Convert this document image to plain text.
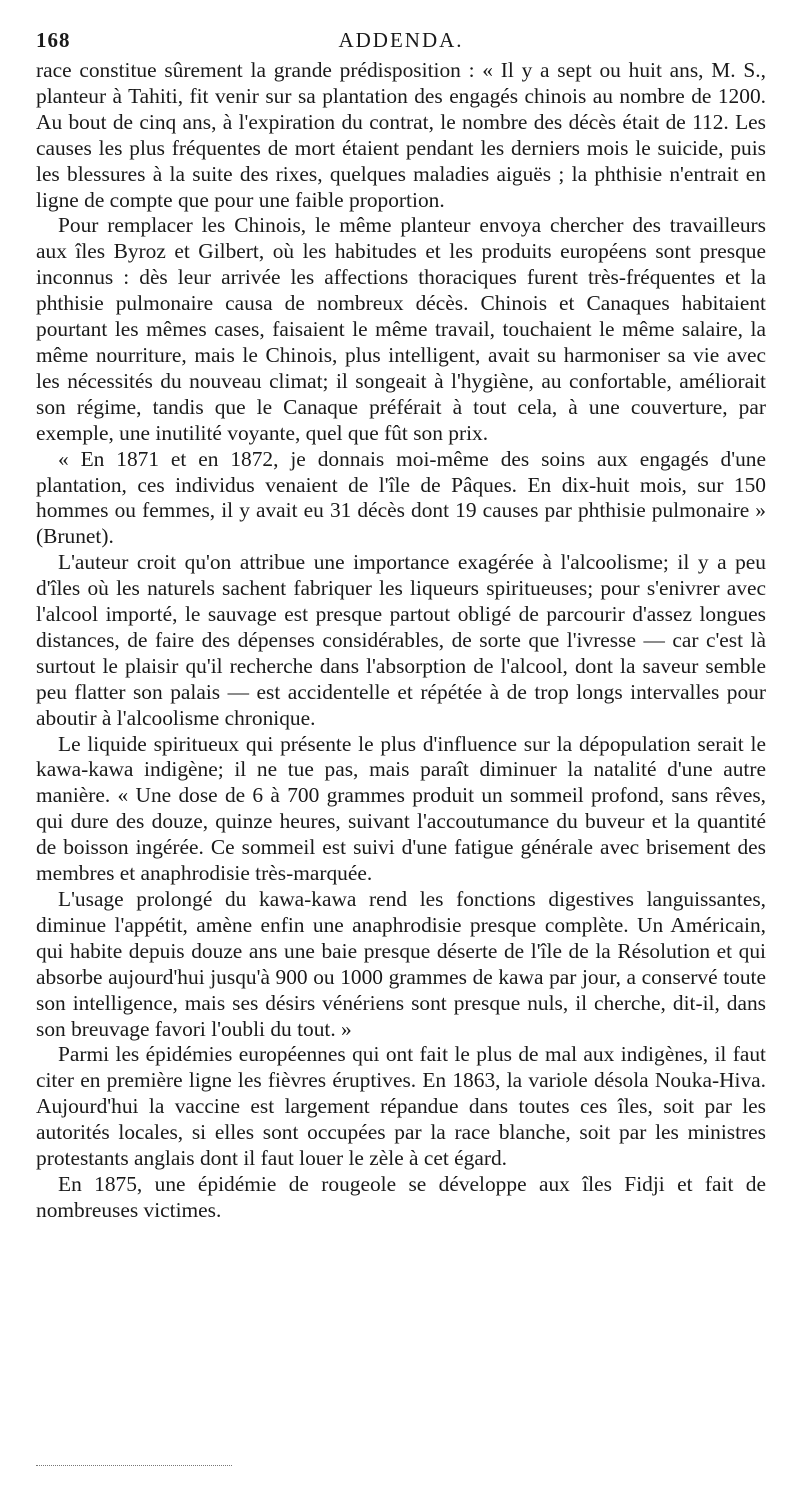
168	ADDENDA.

race constitue sûrement la grande prédisposition : « Il y a sept ou huit ans, M. S., planteur à Tahiti, fit venir sur sa plantation des engagés chinois au nombre de 1200. Au bout de cinq ans, à l'expiration du contrat, le nombre des décès était de 112. Les causes les plus fréquentes de mort étaient pendant les derniers mois le suicide, puis les blessures à la suite des rixes, quelques maladies aiguës ; la phthisie n'entrait en ligne de compte que pour une faible proportion.

Pour remplacer les Chinois, le même planteur envoya chercher des travailleurs aux îles Byroz et Gilbert, où les habitudes et les produits européens sont presque inconnus : dès leur arrivée les affections thoraciques furent très-fréquentes et la phthisie pulmonaire causa de nombreux décès. Chinois et Canaques habitaient pourtant les mêmes cases, faisaient le même travail, touchaient le même salaire, la même nourriture, mais le Chinois, plus intelligent, avait su harmoniser sa vie avec les nécessités du nouveau climat; il songeait à l'hygiène, au confortable, améliorait son régime, tandis que le Canaque préférait à tout cela, à une couverture, par exemple, une inutilité voyante, quel que fût son prix.

« En 1871 et en 1872, je donnais moi-même des soins aux engagés d'une plantation, ces individus venaient de l'île de Pâques. En dix-huit mois, sur 150 hommes ou femmes, il y avait eu 31 décès dont 19 causes par phthisie pulmonaire » (Brunet).

L'auteur croit qu'on attribue une importance exagérée à l'alcoolisme; il y a peu d'îles où les naturels sachent fabriquer les liqueurs spiritueuses; pour s'enivrer avec l'alcool importé, le sauvage est presque partout obligé de parcourir d'assez longues distances, de faire des dépenses considérables, de sorte que l'ivresse — car c'est là surtout le plaisir qu'il recherche dans l'absorption de l'alcool, dont la saveur semble peu flatter son palais — est accidentelle et répétée à de trop longs intervalles pour aboutir à l'alcoolisme chronique.

Le liquide spiritueux qui présente le plus d'influence sur la dépopulation serait le kawa-kawa indigène; il ne tue pas, mais paraît diminuer la natalité d'une autre manière. « Une dose de 6 à 700 grammes produit un sommeil profond, sans rêves, qui dure des douze, quinze heures, suivant l'accoutumance du buveur et la quantité de boisson ingérée. Ce sommeil est suivi d'une fatigue générale avec brisement des membres et anaphrodisie très-marquée.

L'usage prolongé du kawa-kawa rend les fonctions digestives languissantes, diminue l'appétit, amène enfin une anaphrodisie presque complète. Un Américain, qui habite depuis douze ans une baie presque déserte de l'île de la Résolution et qui absorbe aujourd'hui jusqu'à 900 ou 1000 grammes de kawa par jour, a conservé toute son intelligence, mais ses désirs vénériens sont presque nuls, il cherche, dit-il, dans son breuvage favori l'oubli du tout. »

Parmi les épidémies européennes qui ont fait le plus de mal aux indigènes, il faut citer en première ligne les fièvres éruptives. En 1863, la variole désola Nouka-Hiva. Aujourd'hui la vaccine est largement répandue dans toutes ces îles, soit par les autorités locales, si elles sont occupées par la race blanche, soit par les ministres protestants anglais dont il faut louer le zèle à cet égard.

En 1875, une épidémie de rougeole se développe aux îles Fidji et fait de nombreuses victimes.
